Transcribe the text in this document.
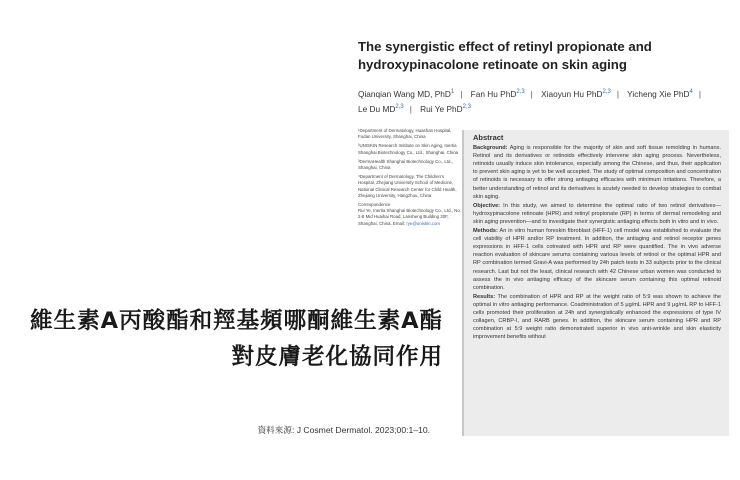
The synergistic effect of retinyl propionate and hydroxypinacolone retinoate on skin aging
Qianqian Wang MD, PhD$^1$ | Fan Hu PhD$^{2,3}$ | Xiaoyun Hu PhD$^{2,3}$ | Yicheng Xie PhD$^4$ | Le Du MD$^{2,3}$ | Rui Ye PhD$^{2,3}$
¹Department of Dermatology, Huashan Hospital, Fudan University, Shanghai, China
²UNISKIN Research Institute on Skin Aging, Inertia Shanghai Biotechnology Co., Ltd., Shanghai, China
³DermaHealth Shanghai Biotechnology Co., Ltd., Shanghai, China
⁴Department of Dermatology, The Children's Hospital, Zhejiang University School of Medicine, National Clinical Research Center for Child Health, Zhejiang University, Hangzhou, China
Correspondence
Rui Ye, Inertia Shanghai Biotechnology Co., Ltd., No. 2-8 Mid Huaihai Road, Lansheng Building 20F, Shanghai, China. Email: rye@uniskin.com
Abstract
Background: Aging is responsible for the majority of skin and soft tissue remolding in humans. Retinol and its derivatives or retinoids effectively intervene skin aging process. Nevertheless, retinoids usually induce skin intolerance, especially among the Chinese, and thus, their application to prevent skin aging is yet to be well accepted. The study of optimal composition and concentration of retinoids is necessary to offer strong antiaging efficacies with minimum irritations. Therefore, a better understanding of retinol and its derivatives is acutely needed to develop strategies to combat skin aging.
Objective: In this study, we aimed to determine the optimal ratio of two retinol derivatives—hydroxypinacolone retinoate (HPR) and retinyl propionate (RP) in terms of dermal remodeling and skin aging prevention—and to investigate their synergistic antiaging effects both in vitro and in vivo.
Methods: An in vitro human foreskin fibroblast (HFF-1) cell model was established to evaluate the cell viability of HPR and/or RP treatment. In addition, the antiaging and retinol receptor genes expressions in HFF-1 cells cotreated with HPR and RP were quantified. The in vivo adverse reaction evaluation of skincare serums containing various levels of retinol or the optimal HPR and RP combination termed Gravi-A was performed by 24h patch tests in 33 subjects prior to the clinical research. Last but not the least, clinical research with 42 Chinese urban women was conducted to assess the in vivo antiaging efficacy of the skincare serum containing this optimal retinoid combination.
Results: The combination of HPR and RP at the weight ratio of 5:9 was shown to achieve the optimal in vitro antiaging performance. Coadministration of 5 μg/mL HPR and 9 μg/mL RP to HFF-1 cells promoted their proliferation at 24h and synergistically enhanced the expressions of type IV collagen, CRBP-I, and RARB genes. In addition, the skincare serum containing HPR and RP combination at 5:9 weight ratio demonstrated superior in vivo anti-wrinkle and skin elasticity improvement benefits without
維生素A丙酸酯和羥基頻哪酮維生素A酯
對皮膚老化協同作用
資料來源: J Cosmet Dermatol. 2023;00:1–10.
